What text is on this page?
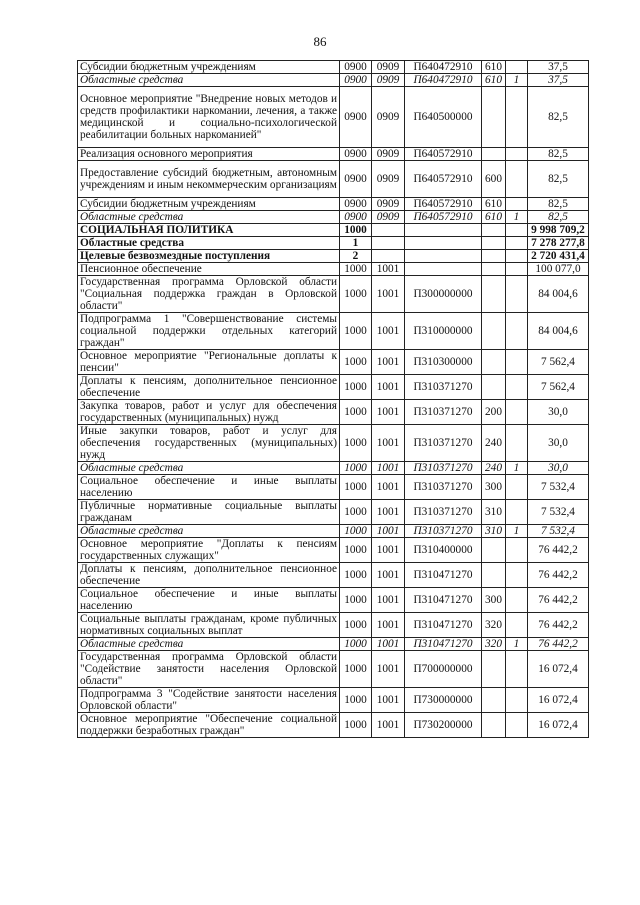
86
Субсидии бюджетным учреждениям	0900	0909	П640472910	610		37,5
Областные средства	0900	0909	П640472910	610	1	37,5
Основное мероприятие "Внедрение новых методов и средств профилактики наркомании, лечения, а также медицинской и социально-психологической реабилитации больных наркоманией"	0900	0909	П640500000			82,5
Реализация основного мероприятия	0900	0909	П640572910			82,5
Предоставление субсидий бюджетным, автономным учреждениям и иным некоммерческим организациям	0900	0909	П640572910	600		82,5
Субсидии бюджетным учреждениям	0900	0909	П640572910	610		82,5
Областные средства	0900	0909	П640572910	610	1	82,5
СОЦИАЛЬНАЯ ПОЛИТИКА	1000					9 998 709,2
Областные средства	1					7 278 277,8
Целевые безвозмездные поступления	2					2 720 431,4
Пенсионное обеспечение	1000	1001				100 077,0
Государственная программа Орловской области "Социальная поддержка граждан в Орловской области"	1000	1001	П300000000			84 004,6
Подпрограмма 1 "Совершенствование системы социальной поддержки отдельных категорий граждан"	1000	1001	П310000000			84 004,6
Основное мероприятие "Региональные доплаты к пенсии"	1000	1001	П310300000			7 562,4
Доплаты к пенсиям, дополнительное пенсионное обеспечение	1000	1001	П310371270			7 562,4
Закупка товаров, работ и услуг для обеспечения государственных (муниципальных) нужд	1000	1001	П310371270	200		30,0
Иные закупки товаров, работ и услуг для обеспечения государственных (муниципальных) нужд	1000	1001	П310371270	240		30,0
Областные средства	1000	1001	П310371270	240	1	30,0
Социальное обеспечение и иные выплаты населению	1000	1001	П310371270	300		7 532,4
Публичные нормативные социальные выплаты гражданам	1000	1001	П310371270	310		7 532,4
Областные средства	1000	1001	П310371270	310	1	7 532,4
Основное мероприятие "Доплаты к пенсиям государственных служащих"	1000	1001	П310400000			76 442,2
Доплаты к пенсиям, дополнительное пенсионное обеспечение	1000	1001	П310471270			76 442,2
Социальное обеспечение и иные выплаты населению	1000	1001	П310471270	300		76 442,2
Социальные выплаты гражданам, кроме публичных нормативных социальных выплат	1000	1001	П310471270	320		76 442,2
Областные средства	1000	1001	П310471270	320	1	76 442,2
Государственная программа Орловской области "Содействие занятости населения Орловской области"	1000	1001	П700000000			16 072,4
Подпрограмма 3 "Содействие занятости населения Орловской области"	1000	1001	П730000000			16 072,4
Основное мероприятие "Обеспечение социальной поддержки безработных граждан"	1000	1001	П730200000			16 072,4
